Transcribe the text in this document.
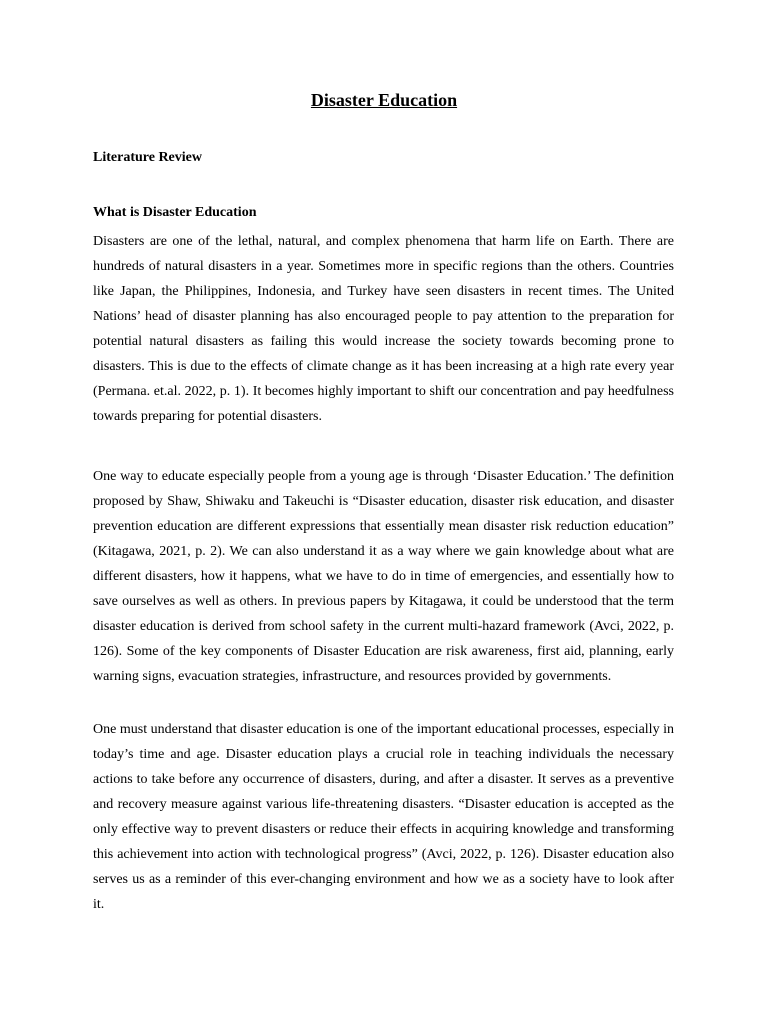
Disaster Education
Literature Review
What is Disaster Education

Disasters are one of the lethal, natural, and complex phenomena that harm life on Earth. There are hundreds of natural disasters in a year. Sometimes more in specific regions than the others. Countries like Japan, the Philippines, Indonesia, and Turkey have seen disasters in recent times. The United Nations’ head of disaster planning has also encouraged people to pay attention to the preparation for potential natural disasters as failing this would increase the society towards becoming prone to disasters. This is due to the effects of climate change as it has been increasing at a high rate every year (Permana. et.al. 2022, p. 1). It becomes highly important to shift our concentration and pay heedfulness towards preparing for potential disasters.

One way to educate especially people from a young age is through ‘Disaster Education.’ The definition proposed by Shaw, Shiwaku and Takeuchi is “Disaster education, disaster risk education, and disaster prevention education are different expressions that essentially mean disaster risk reduction education” (Kitagawa, 2021, p. 2). We can also understand it as a way where we gain knowledge about what are different disasters, how it happens, what we have to do in time of emergencies, and essentially how to save ourselves as well as others. In previous papers by Kitagawa, it could be understood that the term disaster education is derived from school safety in the current multi-hazard framework (Avci, 2022, p. 126). Some of the key components of Disaster Education are risk awareness, first aid, planning, early warning signs, evacuation strategies, infrastructure, and resources provided by governments.

One must understand that disaster education is one of the important educational processes, especially in today’s time and age. Disaster education plays a crucial role in teaching individuals the necessary actions to take before any occurrence of disasters, during, and after a disaster. It serves as a preventive and recovery measure against various life-threatening disasters. “Disaster education is accepted as the only effective way to prevent disasters or reduce their effects in acquiring knowledge and transforming this achievement into action with technological progress” (Avci, 2022, p. 126). Disaster education also serves us as a reminder of this ever-changing environment and how we as a society have to look after it.
